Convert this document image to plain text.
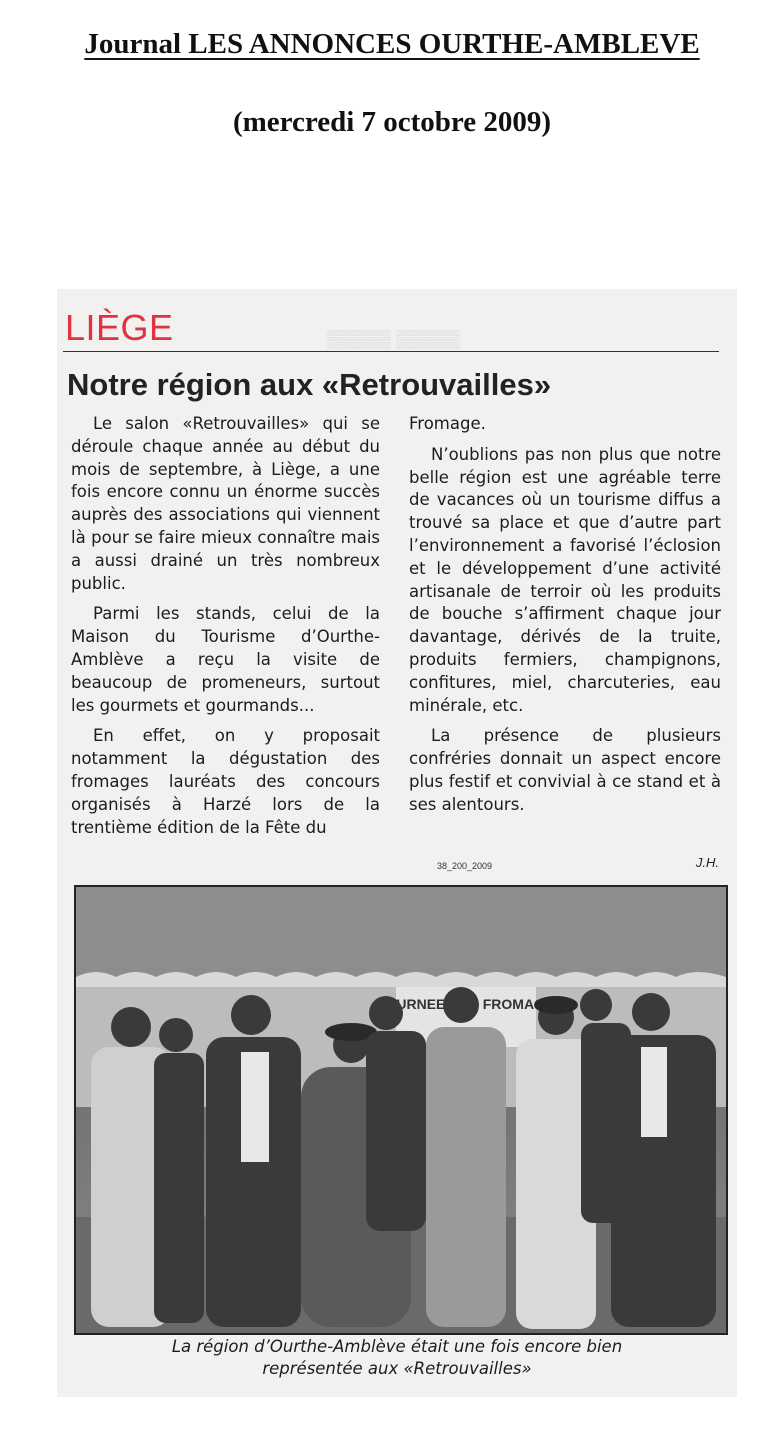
Journal LES ANNONCES OURTHE-AMBLEVE
(mercredi 7 octobre 2009)
▒▒▒▒▒ ▒▒▒▒▒
LIÈGE
Notre région aux «Retrouvailles»

Le salon «Retrouvailles» qui se déroule chaque année au début du mois de septembre, à Liège, a une fois encore connu un énorme succès auprès des associations qui viennent là pour se faire mieux connaître mais a aussi drainé un très nombreux public.

Parmi les stands, celui de la Maison du Tourisme d’Ourthe-Amblève a reçu la visite de beaucoup de promeneurs, surtout les gourmets et gourmands...

En effet, on y proposait notamment la dégustation des fromages lauréats des concours organisés à Harzé lors de la trentième édition de la Fête du

Fromage.

N’oublions pas non plus que notre belle région est une agréable terre de vacances où un tourisme diffus a trouvé sa place et que d’autre part l’environnement a favorisé l’éclosion et le développement d’une activité artisanale de terroir où les produits de bouche s’affirment chaque jour davantage, dérivés de la truite, produits fermiers, champignons, confitures, miel, charcuteries, eau minérale, etc.

La présence de plusieurs confréries donnait un aspect encore plus festif et convivial à ce stand et à ses alentours.

38_200_2009	J.H.
JOURNEES FROMAGE
La région d’Ourthe-Amblève était une fois encore bien
représentée aux «Retrouvailles»
